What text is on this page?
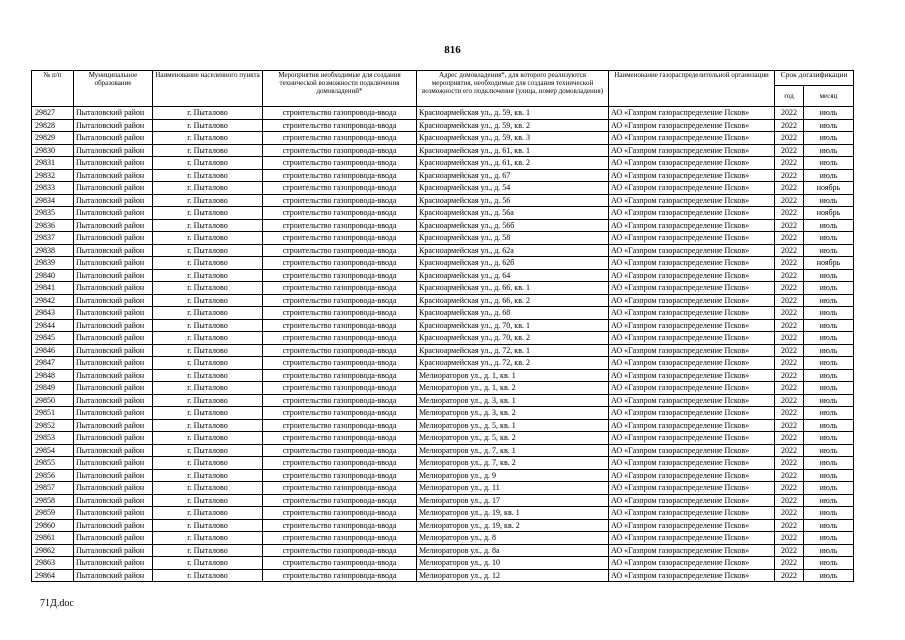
816
№ п/п	Муниципальное образование	Наименование населенного пункта	Мероприятия необходимые для создания технической возможности подключения домовладений*	Адрес домовладения*, для которого реализуются мероприятия, необходимые для создания технической возможности его подключения (улица, номер домовладения)	Наименование газораспределительной организации	Срок догазификации	
						год	месяц
29827	Пыталовский район	г. Пыталово	строительство газопровода-ввода	Красноармейская ул., д. 59, кв. 1	АО «Газпром газораспределение Псков»	2022	июль
29828	Пыталовский район	г. Пыталово	строительство газопровода-ввода	Красноармейская ул., д. 59, кв. 2	АО «Газпром газораспределение Псков»	2022	июль
29829	Пыталовский район	г. Пыталово	строительство газопровода-ввода	Красноармейская ул., д. 59, кв. 3	АО «Газпром газораспределение Псков»	2022	июль
29830	Пыталовский район	г. Пыталово	строительство газопровода-ввода	Красноармейская ул., д. 61, кв. 1	АО «Газпром газораспределение Псков»	2022	июль
29831	Пыталовский район	г. Пыталово	строительство газопровода-ввода	Красноармейская ул., д. 61, кв. 2	АО «Газпром газораспределение Псков»	2022	июль
29832	Пыталовский район	г. Пыталово	строительство газопровода-ввода	Красноармейская ул., д. 67	АО «Газпром газораспределение Псков»	2022	июль
29833	Пыталовский район	г. Пыталово	строительство газопровода-ввода	Красноармейская ул., д. 54	АО «Газпром газораспределение Псков»	2022	ноябрь
29834	Пыталовский район	г. Пыталово	строительство газопровода-ввода	Красноармейская ул., д. 56	АО «Газпром газораспределение Псков»	2022	июль
29835	Пыталовский район	г. Пыталово	строительство газопровода-ввода	Красноармейская ул., д. 56а	АО «Газпром газораспределение Псков»	2022	ноябрь
29836	Пыталовский район	г. Пыталово	строительство газопровода-ввода	Красноармейская ул., д. 56б	АО «Газпром газораспределение Псков»	2022	июль
29837	Пыталовский район	г. Пыталово	строительство газопровода-ввода	Красноармейская ул., д. 58	АО «Газпром газораспределение Псков»	2022	июль
29838	Пыталовский район	г. Пыталово	строительство газопровода-ввода	Красноармейская ул., д. 62а	АО «Газпром газораспределение Псков»	2022	июль
29839	Пыталовский район	г. Пыталово	строительство газопровода-ввода	Красноармейская ул., д. 62б	АО «Газпром газораспределение Псков»	2022	ноябрь
29840	Пыталовский район	г. Пыталово	строительство газопровода-ввода	Красноармейская ул., д. 64	АО «Газпром газораспределение Псков»	2022	июль
29841	Пыталовский район	г. Пыталово	строительство газопровода-ввода	Красноармейская ул., д. 66, кв. 1	АО «Газпром газораспределение Псков»	2022	июль
29842	Пыталовский район	г. Пыталово	строительство газопровода-ввода	Красноармейская ул., д. 66, кв. 2	АО «Газпром газораспределение Псков»	2022	июль
29843	Пыталовский район	г. Пыталово	строительство газопровода-ввода	Красноармейская ул., д. 68	АО «Газпром газораспределение Псков»	2022	июль
29844	Пыталовский район	г. Пыталово	строительство газопровода-ввода	Красноармейская ул., д. 70, кв. 1	АО «Газпром газораспределение Псков»	2022	июль
29845	Пыталовский район	г. Пыталово	строительство газопровода-ввода	Красноармейская ул., д. 70, кв. 2	АО «Газпром газораспределение Псков»	2022	июль
29846	Пыталовский район	г. Пыталово	строительство газопровода-ввода	Красноармейская ул., д. 72, кв. 1	АО «Газпром газораспределение Псков»	2022	июль
29847	Пыталовский район	г. Пыталово	строительство газопровода-ввода	Красноармейская ул., д. 72, кв. 2	АО «Газпром газораспределение Псков»	2022	июль
29848	Пыталовский район	г. Пыталово	строительство газопровода-ввода	Мелиораторов ул., д. 1, кв. 1	АО «Газпром газораспределение Псков»	2022	июль
29849	Пыталовский район	г. Пыталово	строительство газопровода-ввода	Мелиораторов ул., д. 1, кв. 2	АО «Газпром газораспределение Псков»	2022	июль
29850	Пыталовский район	г. Пыталово	строительство газопровода-ввода	Мелиораторов ул., д. 3, кв. 1	АО «Газпром газораспределение Псков»	2022	июль
29851	Пыталовский район	г. Пыталово	строительство газопровода-ввода	Мелиораторов ул., д. 3, кв. 2	АО «Газпром газораспределение Псков»	2022	июль
29852	Пыталовский район	г. Пыталово	строительство газопровода-ввода	Мелиораторов ул., д. 5, кв. 1	АО «Газпром газораспределение Псков»	2022	июль
29853	Пыталовский район	г. Пыталово	строительство газопровода-ввода	Мелиораторов ул., д. 5, кв. 2	АО «Газпром газораспределение Псков»	2022	июль
29854	Пыталовский район	г. Пыталово	строительство газопровода-ввода	Мелиораторов ул., д. 7, кв. 1	АО «Газпром газораспределение Псков»	2022	июль
29855	Пыталовский район	г. Пыталово	строительство газопровода-ввода	Мелиораторов ул., д. 7, кв. 2	АО «Газпром газораспределение Псков»	2022	июль
29856	Пыталовский район	г. Пыталово	строительство газопровода-ввода	Мелиораторов ул., д. 9	АО «Газпром газораспределение Псков»	2022	июль
29857	Пыталовский район	г. Пыталово	строительство газопровода-ввода	Мелиораторов ул., д. 11	АО «Газпром газораспределение Псков»	2022	июль
29858	Пыталовский район	г. Пыталово	строительство газопровода-ввода	Мелиораторов ул., д. 17	АО «Газпром газораспределение Псков»	2022	июль
29859	Пыталовский район	г. Пыталово	строительство газопровода-ввода	Мелиораторов ул., д. 19, кв. 1	АО «Газпром газораспределение Псков»	2022	июль
29860	Пыталовский район	г. Пыталово	строительство газопровода-ввода	Мелиораторов ул., д. 19, кв. 2	АО «Газпром газораспределение Псков»	2022	июль
29861	Пыталовский район	г. Пыталово	строительство газопровода-ввода	Мелиораторов ул., д. 8	АО «Газпром газораспределение Псков»	2022	июль
29862	Пыталовский район	г. Пыталово	строительство газопровода-ввода	Мелиораторов ул., д. 8а	АО «Газпром газораспределение Псков»	2022	июль
29863	Пыталовский район	г. Пыталово	строительство газопровода-ввода	Мелиораторов ул., д. 10	АО «Газпром газораспределение Псков»	2022	июль
29864	Пыталовский район	г. Пыталово	строительство газопровода-ввода	Мелиораторов ул., д. 12	АО «Газпром газораспределение Псков»	2022	июль
71Д.doc
